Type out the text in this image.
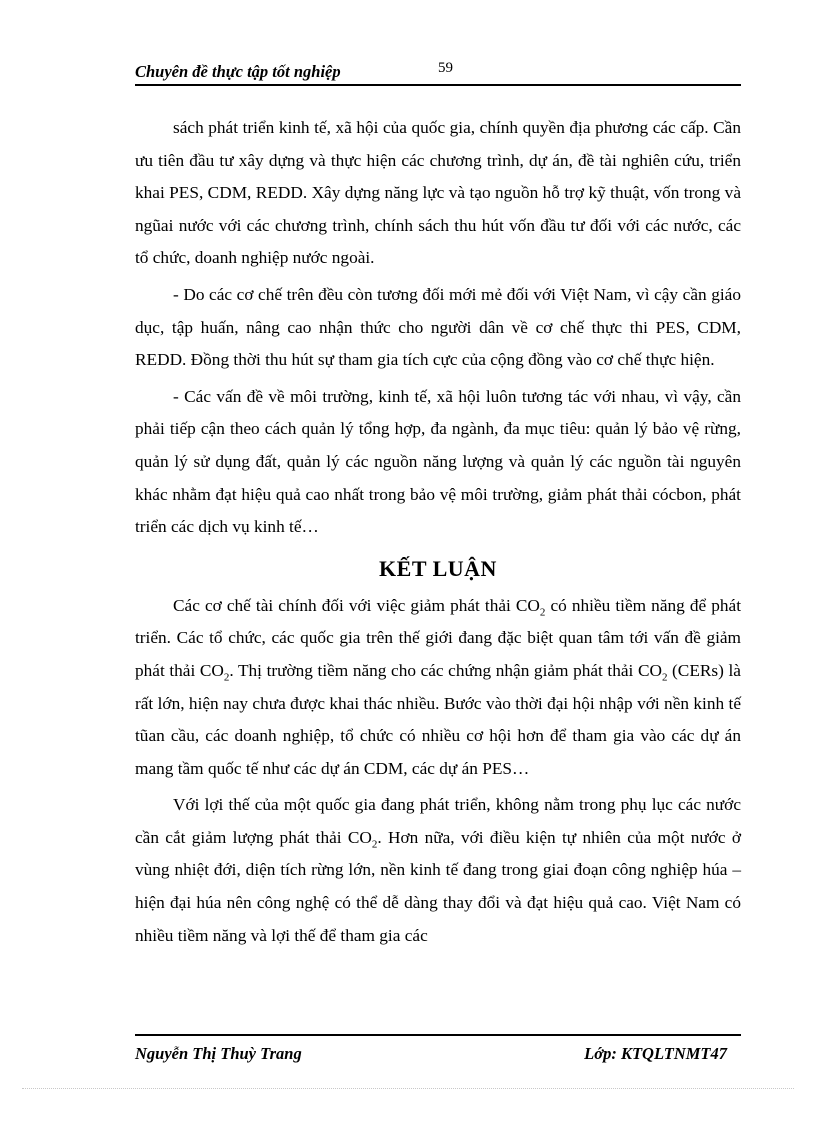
Chuyên đề thực tập tốt nghiệp	59

sách phát triển kinh tế, xã hội của quốc gia, chính quyền địa phương các cấp. Cần ưu tiên đầu tư xây dựng và thực hiện các chương trình, dự án, đề tài nghiên cứu, triển khai PES, CDM, REDD. Xây dựng năng lực và tạo nguồn hỗ trợ kỹ thuật, vốn trong và ngũai nước với các chương trình, chính sách thu hút vốn đầu tư đối với các nước, các tổ chức, doanh nghiệp nước ngoài.

- Do các cơ chế trên đều còn tương đối mới mẻ đối với Việt Nam, vì cậy cần giáo dục, tập huấn, nâng cao nhận thức cho người dân về cơ chế thực thi PES, CDM, REDD. Đồng thời thu hút sự tham gia tích cực của cộng đồng vào cơ chế thực hiện.

- Các vấn đề về môi trường, kinh tế, xã hội luôn tương tác với nhau, vì vậy, cần phải tiếp cận theo cách quản lý tổng hợp, đa ngành, đa mục tiêu: quản lý bảo vệ rừng, quản lý sử dụng đất, quản lý các nguồn năng lượng và quản lý các nguồn tài nguyên khác nhằm đạt hiệu quả cao nhất trong bảo vệ môi trường, giảm phát thải cócbon, phát triển các dịch vụ kinh tế…

KẾT LUẬN

Các cơ chế tài chính đối với việc giảm phát thải $CO_2$ có nhiều tiềm năng để phát triển. Các tổ chức, các quốc gia trên thế giới đang đặc biệt quan tâm tới vấn đề giảm phát thải $CO_2$. Thị trường tiềm năng cho các chứng nhận giảm phát thải $CO_2$ (CERs) là rất lớn, hiện nay chưa được khai thác nhiều. Bước vào thời đại hội nhập với nền kinh tế tũan cầu, các doanh nghiệp, tổ chức có nhiều cơ hội hơn để tham gia vào các dự án mang tầm quốc tế như các dự án CDM, các dự án PES…

Với lợi thế của một quốc gia đang phát triển, không nằm trong phụ lục các nước cần cắt giảm lượng phát thải $CO_2$. Hơn nữa, với điều kiện tự nhiên của một nước ở vùng nhiệt đới, diện tích rừng lớn, nền kinh tế đang trong giai đoạn công nghiệp húa – hiện đại húa nên công nghệ có thể dễ dàng thay đổi và đạt hiệu quả cao. Việt Nam có nhiều tiềm năng và lợi thế để tham gia các

Nguyễn Thị Thuỳ Trang	Lớp: KTQLTNMT47
